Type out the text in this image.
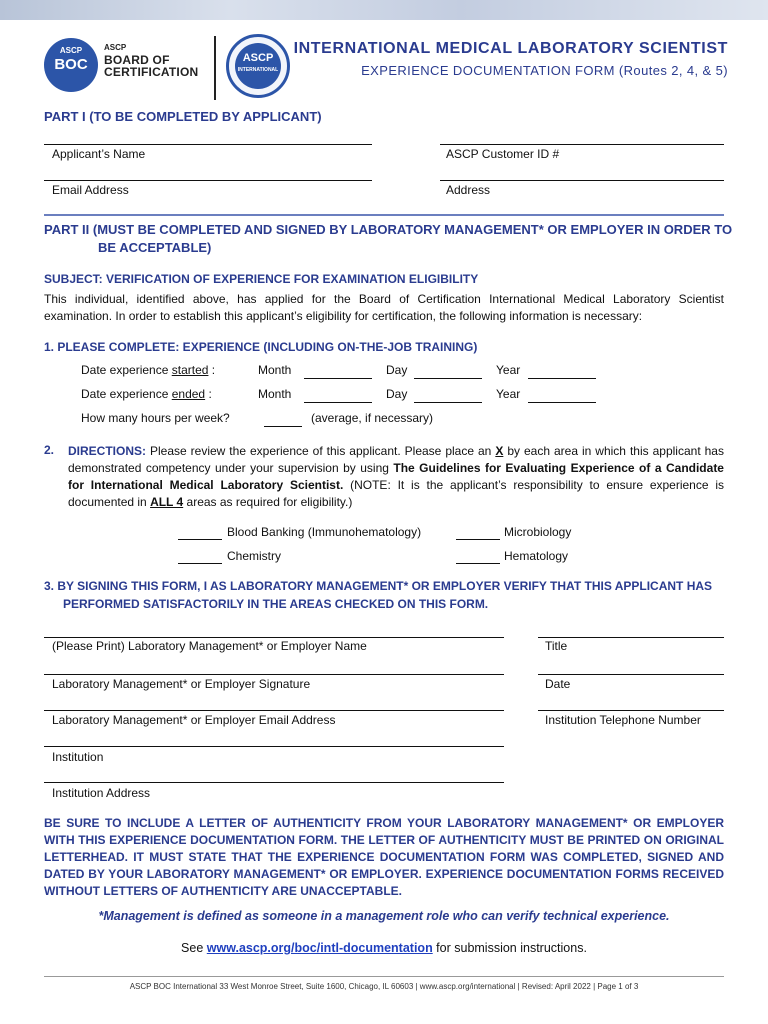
ASCP
BOC
ASCP
BOARD OF
CERTIFICATION
ASCP
INTERNATIONAL
INTERNATIONAL MEDICAL LABORATORY SCIENTIST
EXPERIENCE DOCUMENTATION FORM (Routes 2, 4, & 5)
PART I (TO BE COMPLETED BY APPLICANT)
Applicant’s Name	ASCP Customer ID #
Email Address	Address
PART II (MUST BE COMPLETED AND SIGNED BY LABORATORY MANAGEMENT* OR EMPLOYER IN ORDER TO
BE ACCEPTABLE)
SUBJECT: VERIFICATION OF EXPERIENCE FOR EXAMINATION ELIGIBILITY
This individual, identified above, has applied for the Board of Certification International Medical Laboratory Scientist examination. In order to establish this applicant’s eligibility for certification, the following information is necessary:
1. PLEASE COMPLETE: EXPERIENCE (INCLUDING ON-THE-JOB TRAINING)
Date experience started :	Month	Day	Year
Date experience ended :	Month	Day	Year
How many hours per week?	(average, if necessary)
2. DIRECTIONS: Please review the experience of this applicant. Please place an X by each area in which this applicant has demonstrated competency under your supervision by using The Guidelines for Evaluating Experience of a Candidate for International Medical Laboratory Scientist. (NOTE: It is the applicant’s responsibility to ensure experience is documented in ALL 4 areas as required for eligibility.)
Blood Banking (Immunohematology)	Microbiology
Chemistry	Hematology
3. BY SIGNING THIS FORM, I AS LABORATORY MANAGEMENT* OR EMPLOYER VERIFY THAT THIS APPLICANT HAS
PERFORMED SATISFACTORILY IN THE AREAS CHECKED ON THIS FORM.
(Please Print) Laboratory Management* or Employer Name	Title
Laboratory Management* or Employer Signature	Date
Laboratory Management* or Employer Email Address	Institution Telephone Number
Institution
Institution Address
BE SURE TO INCLUDE A LETTER OF AUTHENTICITY FROM YOUR LABORATORY MANAGEMENT* OR EMPLOYER WITH THIS EXPERIENCE DOCUMENTATION FORM. THE LETTER OF AUTHENTICITY MUST BE PRINTED ON ORIGINAL LETTERHEAD. IT MUST STATE THAT THE EXPERIENCE DOCUMENTATION FORM WAS COMPLETED, SIGNED AND DATED BY YOUR LABORATORY MANAGEMENT* OR EMPLOYER. EXPERIENCE DOCUMENTATION FORMS RECEIVED WITHOUT LETTERS OF AUTHENTICITY ARE UNACCEPTABLE.
*Management is defined as someone in a management role who can verify technical experience.
See www.ascp.org/boc/intl-documentation for submission instructions.
ASCP BOC International 33 West Monroe Street, Suite 1600, Chicago, IL 60603 | www.ascp.org/international | Revised: April 2022 | Page 1 of 3
